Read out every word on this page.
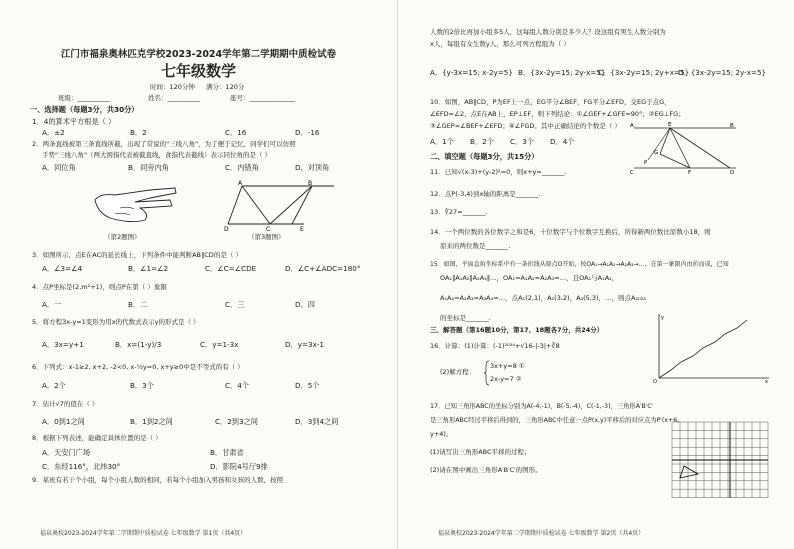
江门市福泉奥林匹克学校2023-2024学年第二学期期中质检试卷
七年级数学
时间：120分钟 满分：120分
班级：__________	姓名：__________	座号：______________
一、选择题（每题3分，共30分）
1．4的算术平方根是（ ）
A．±2	B．2	C．16	D．-16
2．两条直线被第三条直线所截，出现了常说的"三线八角"，为了便于记忆，同学们可以仿照
手势"三线八角"（两大拇指代表被截直线，食指代表截线）表示同位角的是（ ）
A．同位角	B．同旁内角	C．内错角	D．对顶角
（第2题图）
A
D	C
B
E
（第3题图）
3．如图所示，点E在AC的延长线上，下列条件中能判断AB∥CD的是（ ）
A．∠3=∠4	B．∠1=∠2	C．∠C=∠CDE	D．∠C+∠ADC=180°
4．点P坐标是(2,m²+1)，则点P在第（ ）象限
A．一	B．二	C．三	D．四
5．将方程3x-y=1变形为用x的代数式表示y的形式是（ ）
A．3x=y+1	B．x=(1-y)/3	C．y=1-3x	D．y=3x-1
6．下列式：x-1≥2, x+2, -2<0, x-½y=0, x+y≥0中是不等式的有（ ）
A．2个	B．3个	C．4个	D．5个
7．估计√7的值在（ ）
A．0到1之间	B．1到2之间	C．2到3之间	D．3到4之间
8．根据下列表述，能确定具体位置的是（ ）
A．天安门广场	B．甘肃省
C．东经116°，北纬30°	D．影院4号厅9排
9．某班有若干个小组，每个小组人数的相同，若每个小组加入男孩和女孩的人数，按照
福泉奥校2023-2024学年第二学期期中质检试卷 七年级数学 第1页（共4页）
人数的2倍比再加小组多5人，这每组人数分别是多少人？设这组有男生人数分别为
x人，每组有女生数y人，那么可列方程组为（ ）
A．{y-3x=15; x-2y=5} B．{3x-2y=15; 2y-x=5}
C．{3x-2y=15; 2y+x=5}
D．{3x-2y=15; 2y-x=5}
10．如图，AB∥CD，P为EF上一点，EG平分∠BEF，FG平分∠EFD，交EG于点G，
∠EFD=∠2，点E在AB上，EP⊥EF，则下列结论：①∠GEF+∠GFE=90°；②EG⊥FG；
③∠GEP=∠BEF+∠EFD；④∠FGD。其中正确结论的个数是（ ）
A．1个 B．2个 C．3个 D．4个
A	E	B
G
P
C	F	D
二、填空题（每题3分，共15分）
11．已知√(x-3)+(y-2)²=0，则x+y=_______.
12．点P(-3,4)到x轴的距离是_______.
13．∛27=_______.
14．一个两位数的各位数字之和是6，十位数字与个位数字互换后，所得新两位数比原数小18，则
原来的两位数是_______.
15．如图，平面直角坐标系中有一条折线从原点O开始，按OA₁→A₁A₂→A₂A₃→…，在第一象限内由折而成，已知
OA₁∥A₁A₂∥A₂A₃∥…，OA₁=A₁A₂=A₂A₃=…，且OA₁与A₁A₂，
A₁A₂=A₂A₃=A₃A₄=…，点A₁(2,1)，A₂(3,2)，A₃(5,3)，…，则点A₂₀₂₃
的坐标是_______.
三、解答题（第16题10分，第17、18题各7分，共24分）
16．计算：(1)计算：(-1)²⁰²⁴+√16-|-3|+∛8
(2)解方程：
3x+y=8 ①
2x-y=7 ②	O	x
y
17．已知三角形ABC的坐标分别为A(-4,-1)，B(-5,-4)，C(-1,-3)，三角形A′B′C′
是三角形ABC经过平移后得到的，三角形ABC中任意一点P(x,y)平移后的对应点为P′(x+6,
y+4)。
(1)请写出三角形ABC平移的过程；
(2)请在图中画出三角形A′B′C′的图形。
福泉奥校2023-2024学年第二学期期中质检试卷 七年级数学 第2页（共4页）
